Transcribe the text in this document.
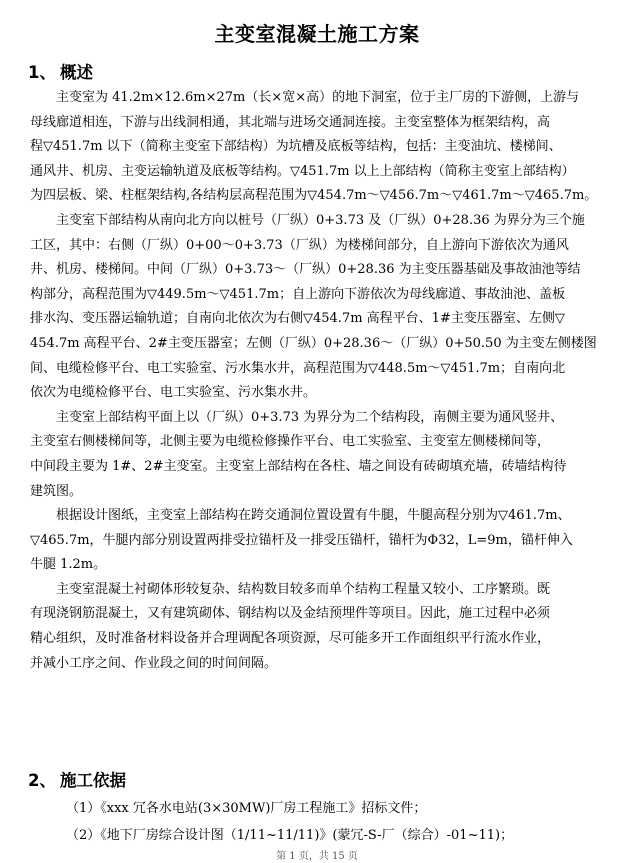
主变室混凝土施工方案
1、 概述

主变室为 41.2m×12.6m×27m（长×宽×高）的地下洞室，位于主厂房的下游侧，上游与
母线廊道相连，下游与出线洞相通，其北端与进场交通洞连接。主变室整体为框架结构，高
程▽451.7m 以下（简称主变室下部结构）为坑槽及底板等结构，包括：主变油坑、楼梯间、
通风井、机房、主变运输轨道及底板等结构。▽451.7m 以上上部结构（简称主变室上部结构）
为四层板、梁、柱框架结构,各结构层高程范围为▽454.7m～▽456.7m～▽461.7m～▽465.7m。

主变室下部结构从南向北方向以桩号（厂纵）0+3.73 及（厂纵）0+28.36 为界分为三个施
工区，其中：右侧（厂纵）0+00～0+3.73（厂纵）为楼梯间部分，自上游向下游依次为通风
井、机房、楼梯间。中间（厂纵）0+3.73～（厂纵）0+28.36 为主变压器基础及事故油池等结
构部分，高程范围为▽449.5m～▽451.7m；自上游向下游依次为母线廊道、事故油池、盖板
排水沟、变压器运输轨道；自南向北依次为右侧▽454.7m 高程平台、1#主变压器室、左侧▽
454.7m 高程平台、2#主变压器室；左侧（厂纵）0+28.36～（厂纵）0+50.50 为主变左侧楼图
间、电缆检修平台、电工实验室、污水集水井，高程范围为▽448.5m～▽451.7m；自南向北
依次为电缆检修平台、电工实验室、污水集水井。

主变室上部结构平面上以（厂纵）0+3.73 为界分为二个结构段，南侧主要为通风竖井、
主变室右侧楼梯间等，北侧主要为电缆检修操作平台、电工实验室、主变室左侧楼梯间等，
中间段主要为 1#、2#主变室。主变室上部结构在各柱、墙之间设有砖砌填充墙，砖墙结构待
建筑图。

根据设计图纸，主变室上部结构在跨交通洞位置设置有牛腿，牛腿高程分别为▽461.7m、
▽465.7m，牛腿内部分别设置两排受拉锚杆及一排受压锚杆，锚杆为Φ32，L=9m，锚杆伸入
牛腿 1.2m。

主变室混凝土衬砌体形较复杂、结构数目较多而单个结构工程量又较小、工序繁琐。既
有现浇钢筋混凝土，又有建筑砌体、钢结构以及金结预埋件等项目。因此，施工过程中必须
精心组织，及时准备材料设备并合理调配各项资源，尽可能多开工作面组织平行流水作业，
并减小工序之间、作业段之间的时间间隔。

2、 施工依据
（1）《xxx 冗各水电站(3×30MW)厂房工程施工》招标文件；
（2）《地下厂房综合设计图（1/11~11/11)》(蒙冗-S-厂（综合）-01~11)；
第 1 页，共 15 页
